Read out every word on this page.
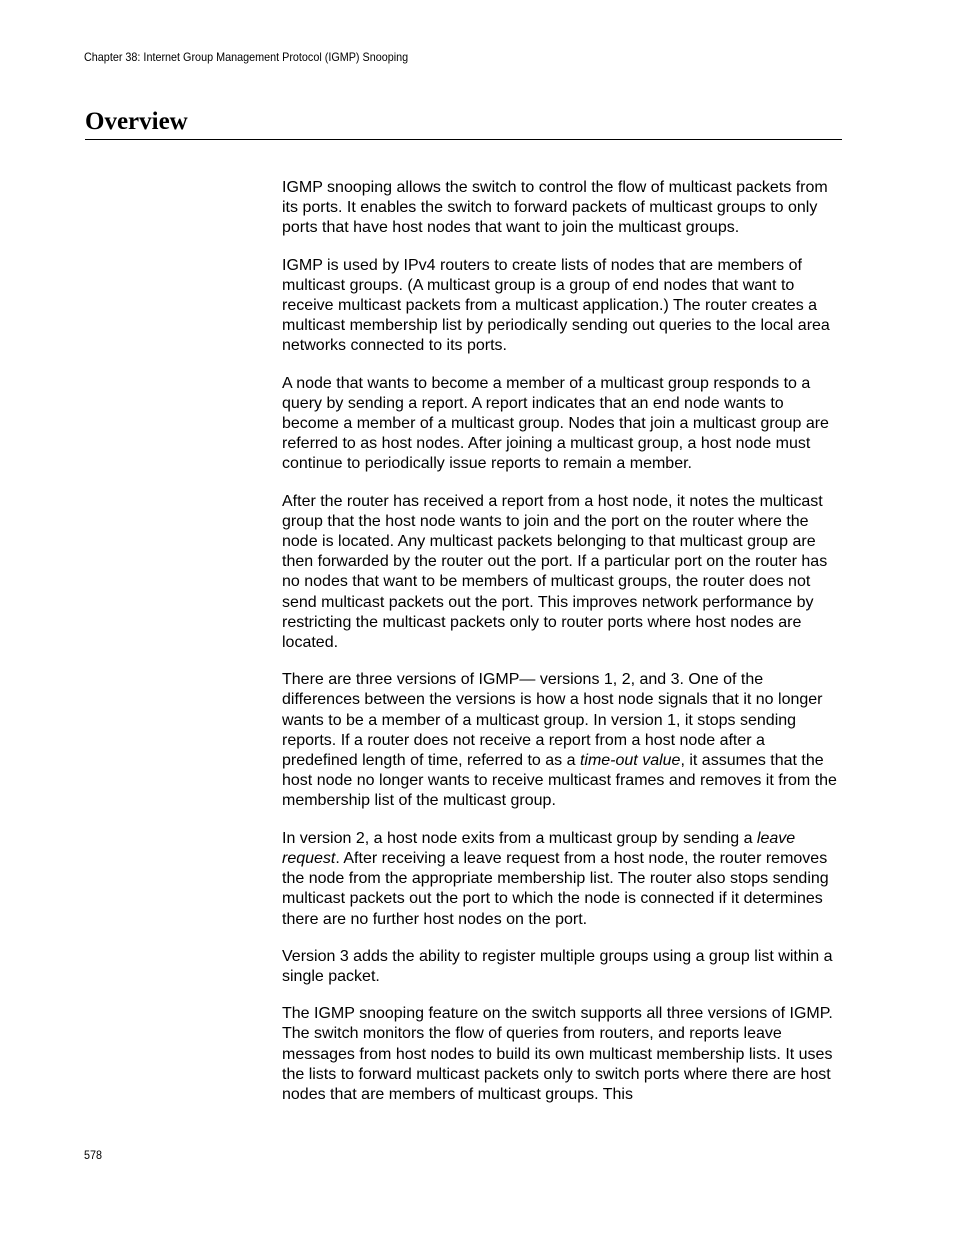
Chapter 38: Internet Group Management Protocol (IGMP) Snooping
Overview

IGMP snooping allows the switch to control the flow of multicast packets from its ports. It enables the switch to forward packets of multicast groups to only ports that have host nodes that want to join the multicast groups.

IGMP is used by IPv4 routers to create lists of nodes that are members of multicast groups. (A multicast group is a group of end nodes that want to receive multicast packets from a multicast application.) The router creates a multicast membership list by periodically sending out queries to the local area networks connected to its ports.

A node that wants to become a member of a multicast group responds to a query by sending a report. A report indicates that an end node wants to become a member of a multicast group. Nodes that join a multicast group are referred to as host nodes. After joining a multicast group, a host node must continue to periodically issue reports to remain a member.

After the router has received a report from a host node, it notes the multicast group that the host node wants to join and the port on the router where the node is located. Any multicast packets belonging to that multicast group are then forwarded by the router out the port. If a particular port on the router has no nodes that want to be members of multicast groups, the router does not send multicast packets out the port. This improves network performance by restricting the multicast packets only to router ports where host nodes are located.

There are three versions of IGMP— versions 1, 2, and 3. One of the differences between the versions is how a host node signals that it no longer wants to be a member of a multicast group. In version 1, it stops sending reports. If a router does not receive a report from a host node after a predefined length of time, referred to as a time-out value, it assumes that the host node no longer wants to receive multicast frames and removes it from the membership list of the multicast group.

In version 2, a host node exits from a multicast group by sending a leave request. After receiving a leave request from a host node, the router removes the node from the appropriate membership list. The router also stops sending multicast packets out the port to which the node is connected if it determines there are no further host nodes on the port.

Version 3 adds the ability to register multiple groups using a group list within a single packet.

The IGMP snooping feature on the switch supports all three versions of IGMP. The switch monitors the flow of queries from routers, and reports leave messages from host nodes to build its own multicast membership lists. It uses the lists to forward multicast packets only to switch ports where there are host nodes that are members of multicast groups. This

578
